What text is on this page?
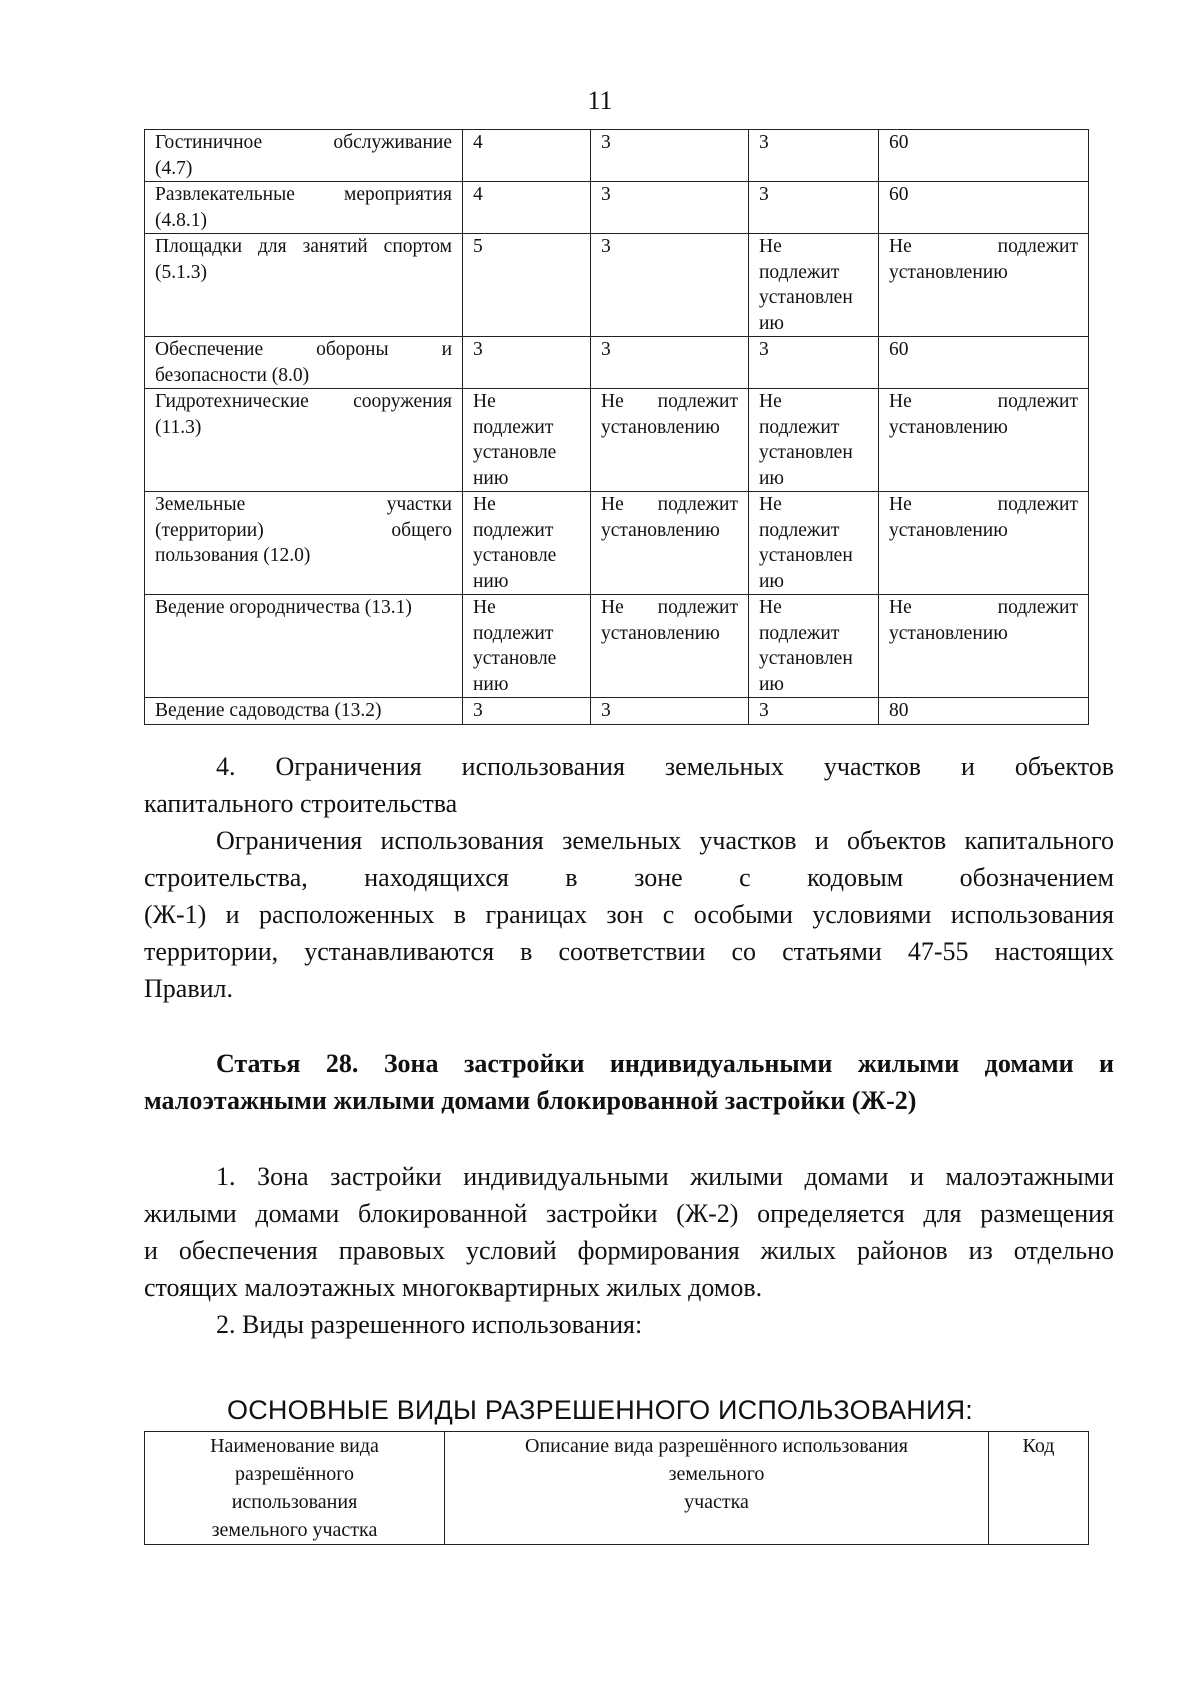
11
Гостиничное обслуживание
(4.7)	4	3	3	60

Развлекательные мероприятия
(4.8.1)	4	3	3	60

Площадки для занятий спортом
(5.1.3)	5	3	Не
подлежит
установлен
ию	Не подлежит
установлению

Обеспечение обороны и
безопасности (8.0)	3	3	3	60

Гидротехнические сооружения
(11.3)	Не
подлежит
установле
нию	Не подлежит
установлению	Не
подлежит
установлен
ию	Не подлежит
установлению

Земельные участки
(территории) общего
пользования (12.0)	Не
подлежит
установле
нию	Не подлежит
установлению	Не
подлежит
установлен
ию	Не подлежит
установлению

Ведение огородничества (13.1)	Не
подлежит
установле
нию	Не подлежит
установлению	Не
подлежит
установлен
ию	Не подлежит
установлению

Ведение садоводства (13.2)	3	3	3	80
4. Ограничения использования земельных участков и объектов
капитального строительства
Ограничения использования земельных участков и объектов капитального
строительства, находящихся в зоне с кодовым обозначением
(Ж-1) и расположенных в границах зон с особыми условиями использования
территории, устанавливаются в соответствии со статьями 47-55 настоящих
Правил.
Статья 28. Зона застройки индивидуальными жилыми домами и
малоэтажными жилыми домами блокированной застройки (Ж-2)
1. Зона застройки индивидуальными жилыми домами и малоэтажными
жилыми домами блокированной застройки (Ж-2) определяется для размещения
и обеспечения правовых условий формирования жилых районов из отдельно
стоящих малоэтажных многоквартирных жилых домов.
2. Виды разрешенного использования:
ОСНОВНЫЕ ВИДЫ РАЗРЕШЕННОГО ИСПОЛЬЗОВАНИЯ:
Наименование вида
разрешённого
использования
земельного участка

Описание вида разрешённого использования
земельного
участка
	Код
